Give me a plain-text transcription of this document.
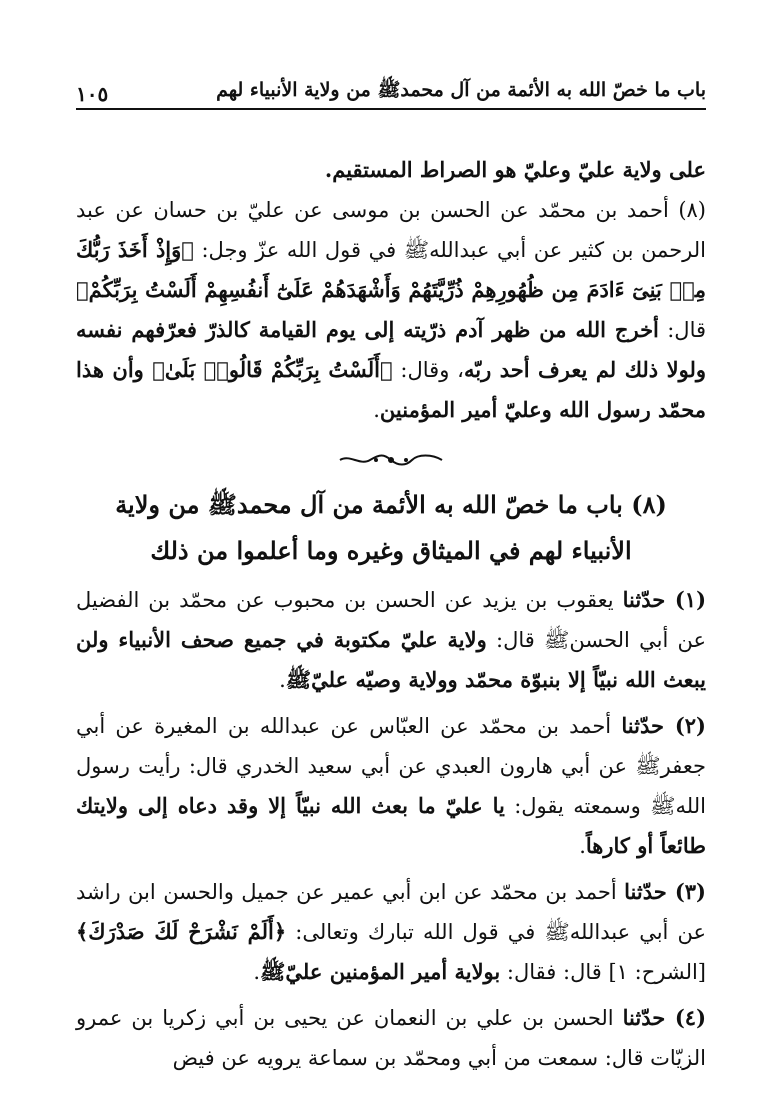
باب ما خصّ الله به الأئمة من آل محمدﷺ من ولاية الأنبياء لهم
١٠٥

على ولاية عليّ وعليّ هو الصراط المستقيم.

(٨) أحمد بن محمّد عن الحسن بن موسى عن عليّ بن حسان عن عبد الرحمن بن كثير عن أبي عبداللهﷺ في قول الله عزّ وجل: ﴿وَإِذْ أَخَذَ رَبُّكَ مِنۢ بَنِىٓ ءَادَمَ مِن ظُهُورِهِمْ ذُرِّيَّتَهُمْ وَأَشْهَدَهُمْ عَلَىٰٓ أَنفُسِهِمْ أَلَسْتُ بِرَبِّكُمْ﴾ قال: أخرج الله من ظهر آدم ذرّيته إلى يوم القيامة كالذرّ فعرّفهم نفسه ولولا ذلك لم يعرف أحد ربّه، وقال: ﴿أَلَسْتُ بِرَبِّكُمْ قَالُوا۟ بَلَىٰ﴾ وأن هذا محمّد رسول الله وعليّ أمير المؤمنين.

(٨) باب ما خصّ الله به الأئمة من آل محمدﷺ من ولاية
الأنبياء لهم في الميثاق وغيره وما أعلموا من ذلك

(١) حدّثنا يعقوب بن يزيد عن الحسن بن محبوب عن محمّد بن الفضيل عن أبي الحسنﷺ قال: ولاية عليّ مكتوبة في جميع صحف الأنبياء ولن يبعث الله نبيّاً إلا بنبوّة محمّد وولاية وصيّه عليّﷺ.

(٢) حدّثنا أحمد بن محمّد عن العبّاس عن عبدالله بن المغيرة عن أبي جعفرﷺ عن أبي هارون العبدي عن أبي سعيد الخدري قال: رأيت رسول اللهﷺ وسمعته يقول: يا عليّ ما بعث الله نبيّاً إلا وقد دعاه إلى ولايتك طائعاً أو كارهاً.

(٣) حدّثنا أحمد بن محمّد عن ابن أبي عمير عن جميل والحسن ابن راشد عن أبي عبداللهﷺ في قول الله تبارك وتعالى: ﴿أَلَمْ نَشْرَحْ لَكَ صَدْرَكَ﴾[الشرح: ١] قال: فقال: بولاية أمير المؤمنين عليّﷺ.

(٤) حدّثنا الحسن بن علي بن النعمان عن يحيى بن أبي زكريا بن عمرو الزيّات قال: سمعت من أبي ومحمّد بن سماعة يرويه عن فيض
